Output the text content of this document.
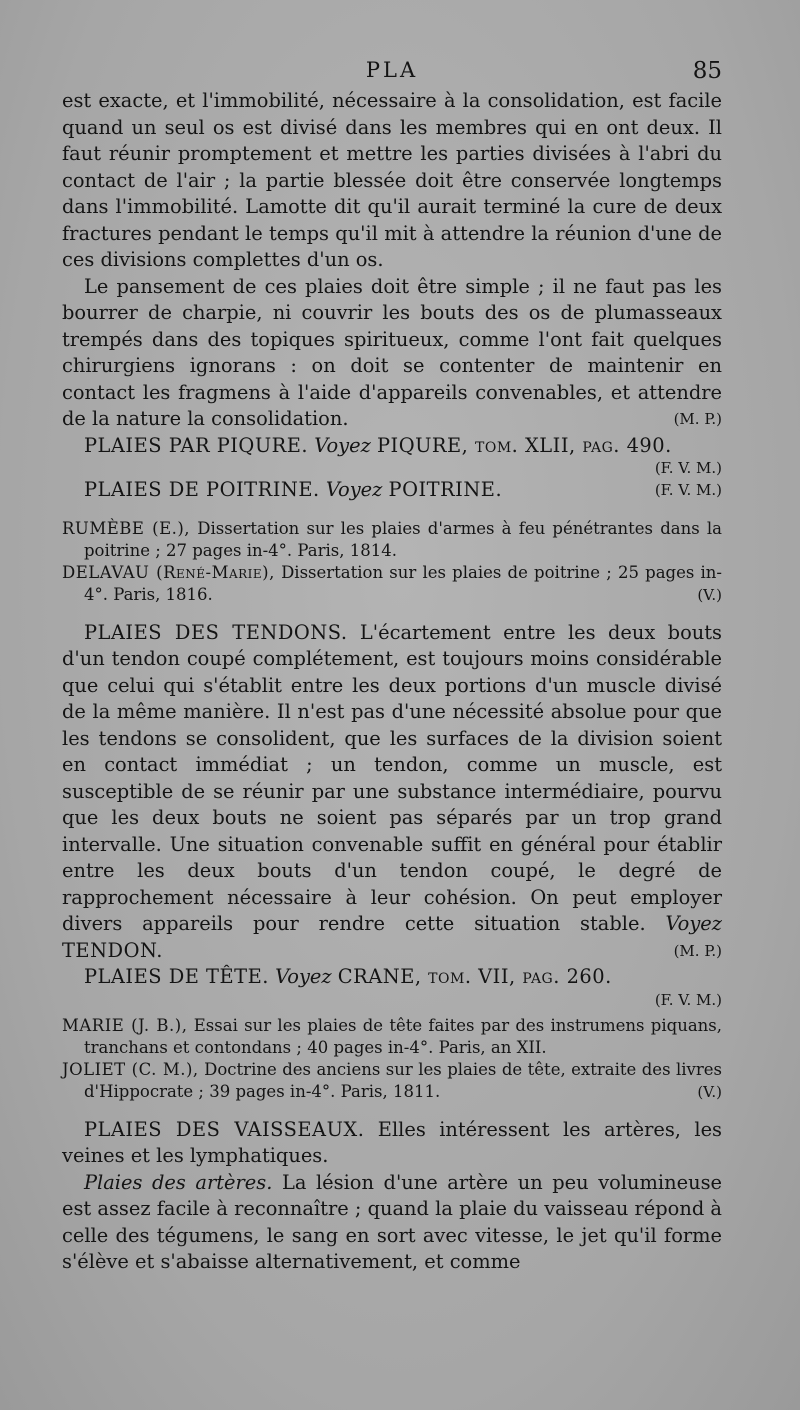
PLA	85

est exacte, et l'immobilité, nécessaire à la consolidation, est facile quand un seul os est divisé dans les membres qui en ont deux. Il faut réunir promptement et mettre les parties divisées à l'abri du contact de l'air ; la partie blessée doit être conservée longtemps dans l'immobilité. Lamotte dit qu'il aurait terminé la cure de deux fractures pendant le temps qu'il mit à attendre la réunion d'une de ces divisions complettes d'un os.

Le pansement de ces plaies doit être simple ; il ne faut pas les bourrer de charpie, ni couvrir les bouts des os de plumasseaux trempés dans des topiques spiritueux, comme l'ont fait quelques chirurgiens ignorans : on doit se contenter de maintenir en contact les fragmens à l'aide d'appareils convenables, et attendre de la nature la consolidation.	(M. P.)

PLAIES PAR PIQURE. Voyez PIQURE, tom. XLII, pag. 490.

(F. V. M.)

PLAIES DE POITRINE. Voyez POITRINE.	(F. V. M.)

RUMÈBE (E.), Dissertation sur les plaies d'armes à feu pénétrantes dans la poitrine ; 27 pages in-4°. Paris, 1814.

DELAVAU (René-Marie), Dissertation sur les plaies de poitrine ; 25 pages in-4°. Paris, 1816.	(V.)

PLAIES DES TENDONS. L'écartement entre les deux bouts d'un tendon coupé complétement, est toujours moins considérable que celui qui s'établit entre les deux portions d'un muscle divisé de la même manière. Il n'est pas d'une nécessité absolue pour que les tendons se consolident, que les surfaces de la division soient en contact immédiat ; un tendon, comme un muscle, est susceptible de se réunir par une substance intermédiaire, pourvu que les deux bouts ne soient pas séparés par un trop grand intervalle. Une situation convenable suffit en général pour établir entre les deux bouts d'un tendon coupé, le degré de rapprochement nécessaire à leur cohésion. On peut employer divers appareils pour rendre cette situation stable. Voyez TENDON.	(M. P.)

PLAIES DE TÊTE. Voyez CRANE, tom. VII, pag. 260.

(F. V. M.)

MARIE (J. B.), Essai sur les plaies de tête faites par des instrumens piquans, tranchans et contondans ; 40 pages in-4°. Paris, an XII.

JOLIET (C. M.), Doctrine des anciens sur les plaies de tête, extraite des livres d'Hippocrate ; 39 pages in-4°. Paris, 1811.	(V.)

PLAIES DES VAISSEAUX. Elles intéressent les artères, les veines et les lymphatiques.

Plaies des artères. La lésion d'une artère un peu volumineuse est assez facile à reconnaître ; quand la plaie du vaisseau répond à celle des tégumens, le sang en sort avec vitesse, le jet qu'il forme s'élève et s'abaisse alternativement, et comme
